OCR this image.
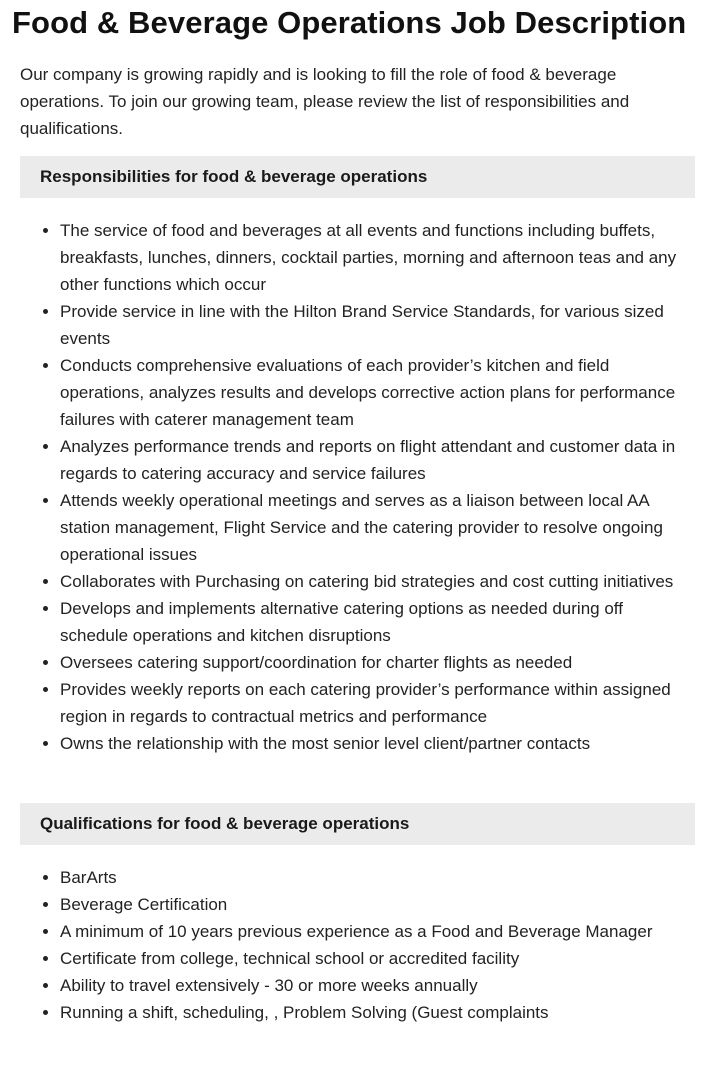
Food & Beverage Operations Job Description

Our company is growing rapidly and is looking to fill the role of food & beverage operations. To join our growing team, please review the list of responsibilities and qualifications.

Responsibilities for food & beverage operations
• The service of food and beverages at all events and functions including buffets, breakfasts, lunches, dinners, cocktail parties, morning and afternoon teas and any other functions which occur
• Provide service in line with the Hilton Brand Service Standards, for various sized events
• Conducts comprehensive evaluations of each provider’s kitchen and field operations, analyzes results and develops corrective action plans for performance failures with caterer management team
• Analyzes performance trends and reports on flight attendant and customer data in regards to catering accuracy and service failures
• Attends weekly operational meetings and serves as a liaison between local AA station management, Flight Service and the catering provider to resolve ongoing operational issues
• Collaborates with Purchasing on catering bid strategies and cost cutting initiatives
• Develops and implements alternative catering options as needed during off schedule operations and kitchen disruptions
• Oversees catering support/coordination for charter flights as needed
• Provides weekly reports on each catering provider’s performance within assigned region in regards to contractual metrics and performance
• Owns the relationship with the most senior level client/partner contacts
Qualifications for food & beverage operations
• BarArts
• Beverage Certification
• A minimum of 10 years previous experience as a Food and Beverage Manager
• Certificate from college, technical school or accredited facility
• Ability to travel extensively - 30 or more weeks annually
• Running a shift, scheduling, , Problem Solving (Guest complaints
